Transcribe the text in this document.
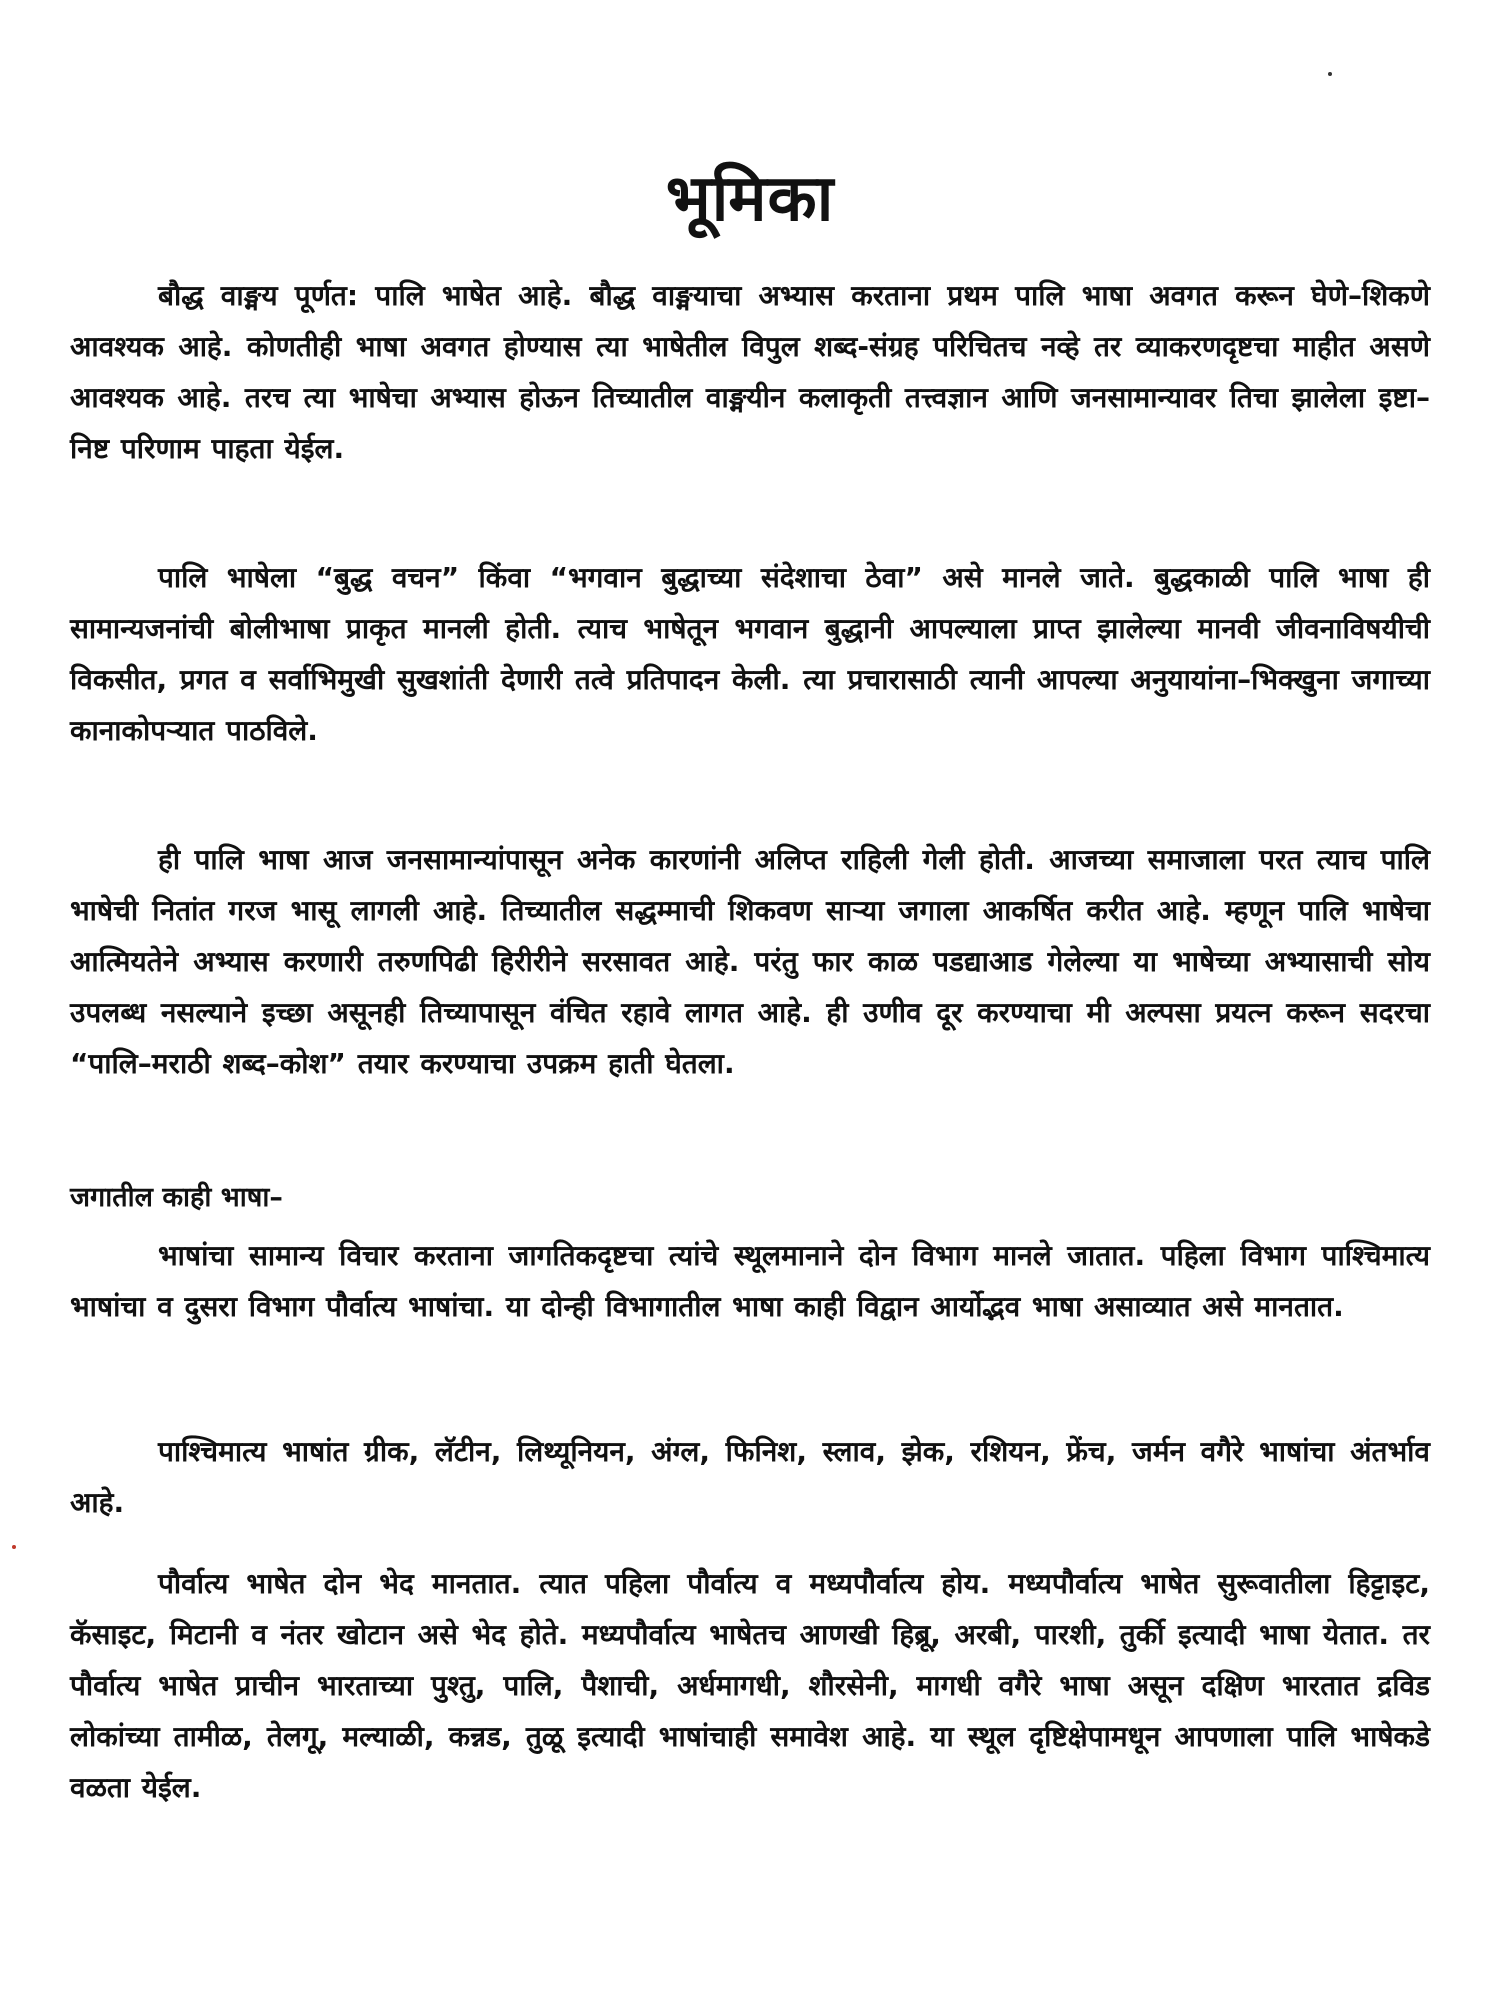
भूमिका

बौद्ध वाङ्मय पूर्णत: पालि भाषेत आहे. बौद्ध वाङ्मयाचा अभ्यास करताना प्रथम पालि भाषा अवगत करून घेणे–शिकणे आवश्यक आहे. कोणतीही भाषा अवगत होण्यास त्या भाषेतील विपुल शब्द-संग्रह परिचितच नव्हे तर व्याकरणदृष्टचा माहीत असणे आवश्यक आहे. तरच त्या भाषेचा अभ्यास होऊन तिच्यातील वाङ्मयीन कलाकृती तत्त्वज्ञान आणि जनसामान्यावर तिचा झालेला इष्टा–निष्ट परिणाम पाहता येईल.

पालि भाषेला “बुद्ध वचन” किंवा “भगवान बुद्धाच्या संदेशाचा ठेवा” असे मानले जाते. बुद्धकाळी पालि भाषा ही सामान्यजनांची बोलीभाषा प्राकृत मानली होती. त्याच भाषेतून भगवान बुद्धानी आपल्याला प्राप्त झालेल्या मानवी जीवनाविषयीची विकसीत, प्रगत व सर्वाभिमुखी सुखशांती देणारी तत्वे प्रतिपादन केली. त्या प्रचारासाठी त्यानी आपल्या अनुयायांना–भिक्खुना जगाच्या कानाकोपऱ्यात पाठविले.

ही पालि भाषा आज जनसामान्यांपासून अनेक कारणांनी अलिप्त राहिली गेली होती. आजच्या समाजाला परत त्याच पालि भाषेची नितांत गरज भासू लागली आहे. तिच्यातील सद्धम्माची शिकवण साऱ्या जगाला आकर्षित करीत आहे. म्हणून पालि भाषेचा आत्मियतेने अभ्यास करणारी तरुणपिढी हिरीरीने सरसावत आहे. परंतु फार काळ पडद्याआड गेलेल्या या भाषेच्या अभ्यासाची सोय उपलब्ध नसल्याने इच्छा असूनही तिच्यापासून वंचित रहावे लागत आहे. ही उणीव दूर करण्याचा मी अल्पसा प्रयत्न करून सदरचा “पालि–मराठी शब्द–कोश” तयार करण्याचा उपक्रम हाती घेतला.

जगातील काही भाषा–

भाषांचा सामान्य विचार करताना जागतिकदृष्टचा त्यांचे स्थूलमानाने दोन विभाग मानले जातात. पहिला विभाग पाश्चिमात्य भाषांचा व दुसरा विभाग पौर्वात्य भाषांचा. या दोन्ही विभागातील भाषा काही विद्वान आर्योद्भव भाषा असाव्यात असे मानतात.

पाश्चिमात्य भाषांत ग्रीक, लॅटीन, लिथ्यूनियन, अंग्ल, फिनिश, स्लाव, झेक, रशियन, फ्रेंच, जर्मन वगैरे भाषांचा अंतर्भाव आहे.

पौर्वात्य भाषेत दोन भेद मानतात. त्यात पहिला पौर्वात्य व मध्यपौर्वात्य होय. मध्यपौर्वात्य भाषेत सुरूवातीला हिट्टाइट, कॅसाइट, मिटानी व नंतर खोटान असे भेद होते. मध्यपौर्वात्य भाषेतच आणखी हिब्रू, अरबी, पारशी, तुर्की इत्यादी भाषा येतात. तर पौर्वात्य भाषेत प्राचीन भारताच्या पुश्तु, पालि, पैशाची, अर्धमागधी, शौरसेनी, मागधी वगैरे भाषा असून दक्षिण भारतात द्रविड लोकांच्या तामीळ, तेलगू, मल्याळी, कन्नड, तुळू इत्यादी भाषांचाही समावेश आहे. या स्थूल दृष्टिक्षेपामधून आपणाला पालि भाषेकडे वळता येईल.
